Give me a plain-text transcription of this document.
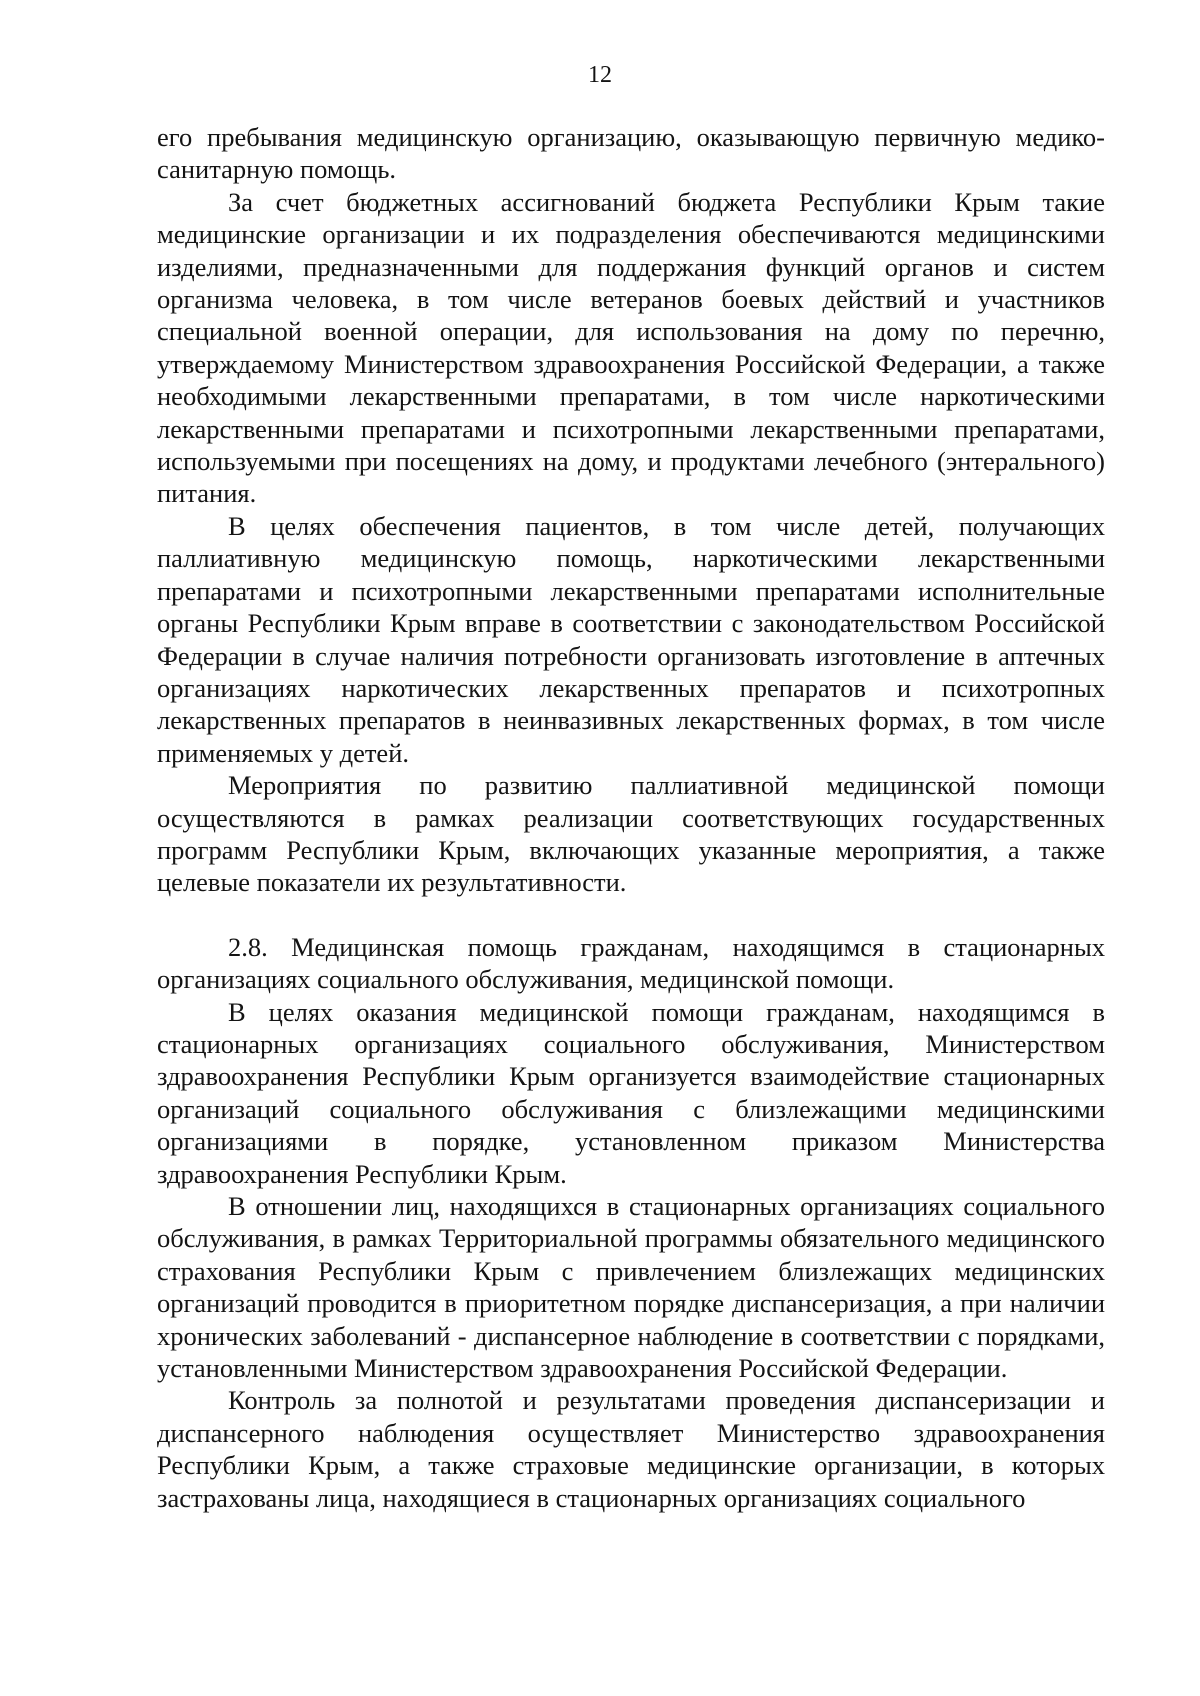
12

его пребывания медицинскую организацию, оказывающую первичную медико-санитарную помощь.

За счет бюджетных ассигнований бюджета Республики Крым такие медицинские организации и их подразделения обеспечиваются медицинскими изделиями, предназначенными для поддержания функций органов и систем организма человека, в том числе ветеранов боевых действий и участников специальной военной операции, для использования на дому по перечню, утверждаемому Министерством здравоохранения Российской Федерации, а также необходимыми лекарственными препаратами, в том числе наркотическими лекарственными препаратами и психотропными лекарственными препаратами, используемыми при посещениях на дому, и продуктами лечебного (энтерального) питания.

В целях обеспечения пациентов, в том числе детей, получающих паллиативную медицинскую помощь, наркотическими лекарственными препаратами и психотропными лекарственными препаратами исполнительные органы Республики Крым вправе в соответствии с законодательством Российской Федерации в случае наличия потребности организовать изготовление в аптечных организациях наркотических лекарственных препаратов и психотропных лекарственных препаратов в неинвазивных лекарственных формах, в том числе применяемых у детей.

Мероприятия по развитию паллиативной медицинской помощи осуществляются в рамках реализации соответствующих государственных программ Республики Крым, включающих указанные мероприятия, а также целевые показатели их результативности.

2.8. Медицинская помощь гражданам, находящимся в стационарных организациях социального обслуживания, медицинской помощи.

В целях оказания медицинской помощи гражданам, находящимся в стационарных организациях социального обслуживания, Министерством здравоохранения Республики Крым организуется взаимодействие стационарных организаций социального обслуживания с близлежащими медицинскими организациями в порядке, установленном приказом Министерства здравоохранения Республики Крым.

В отношении лиц, находящихся в стационарных организациях социального обслуживания, в рамках Территориальной программы обязательного медицинского страхования Республики Крым с привлечением близлежащих медицинских организаций проводится в приоритетном порядке диспансеризация, а при наличии хронических заболеваний - диспансерное наблюдение в соответствии с порядками, установленными Министерством здравоохранения Российской Федерации.

Контроль за полнотой и результатами проведения диспансеризации и диспансерного наблюдения осуществляет Министерство здравоохранения Республики Крым, а также страховые медицинские организации, в которых застрахованы лица, находящиеся в стационарных организациях социального
